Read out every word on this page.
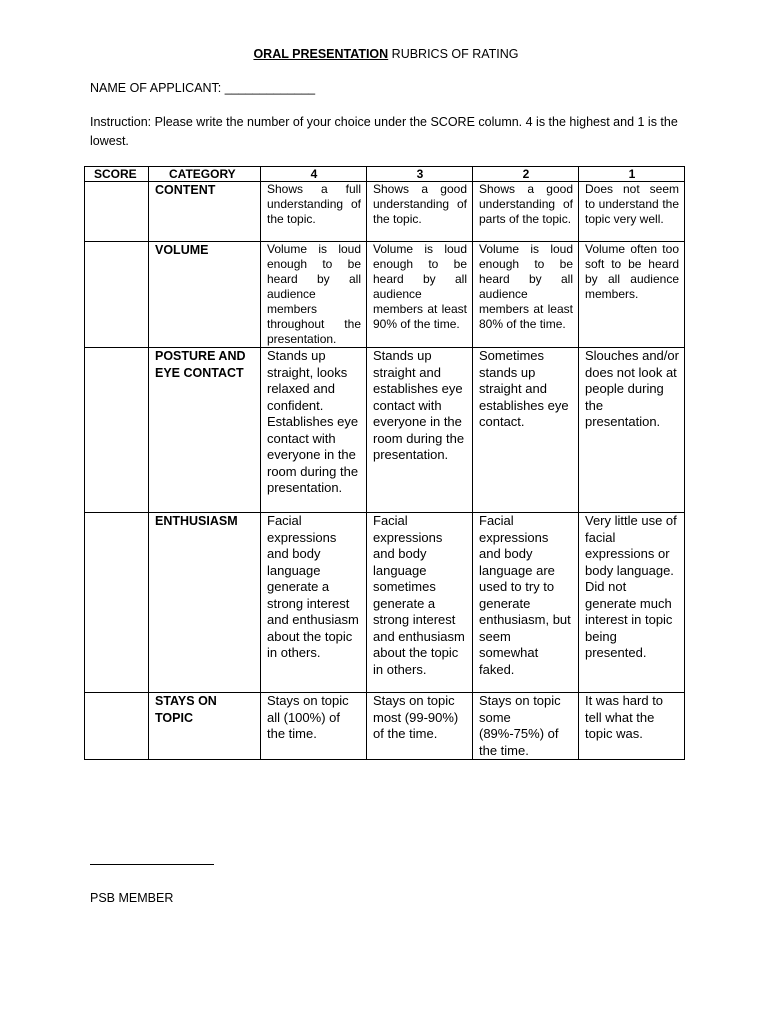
ORAL PRESENTATION RUBRICS OF RATING
NAME OF APPLICANT: _____________
Instruction: Please write the number of your choice under the SCORE column. 4 is the highest and 1 is the lowest.
SCORE	CATEGORY	4	3	2	1
	CONTENT	Shows a full understanding of the topic.	Shows a good understanding of the topic.	Shows a good understanding of parts of the topic.	Does not seem to understand the topic very well.
	VOLUME	Volume is loud enough to be heard by all audience members throughout the presentation.	Volume is loud enough to be heard by all audience members at least 90% of the time.	Volume is loud enough to be heard by all audience members at least 80% of the time.	Volume often too soft to be heard by all audience members.
	POSTURE AND EYE CONTACT	Stands up straight, looks relaxed and confident. Establishes eye contact with everyone in the room during the presentation.	Stands up straight and establishes eye contact with everyone in the room during the presentation.	Sometimes stands up straight and establishes eye contact.	Slouches and/or does not look at people during the presentation.
	ENTHUSIASM	Facial expressions and body language generate a strong interest and enthusiasm about the topic in others.	Facial expressions and body language sometimes generate a strong interest and enthusiasm about the topic in others.	Facial expressions and body language are used to try to generate enthusiasm, but seem somewhat faked.	Very little use of facial expressions or body language. Did not generate much interest in topic being presented.
	STAYS ON TOPIC	Stays on topic all (100%) of the time.	Stays on topic most (99-90%) of the time.	Stays on topic some (89%-75%) of the time.	It was hard to tell what the topic was.
PSB MEMBER
